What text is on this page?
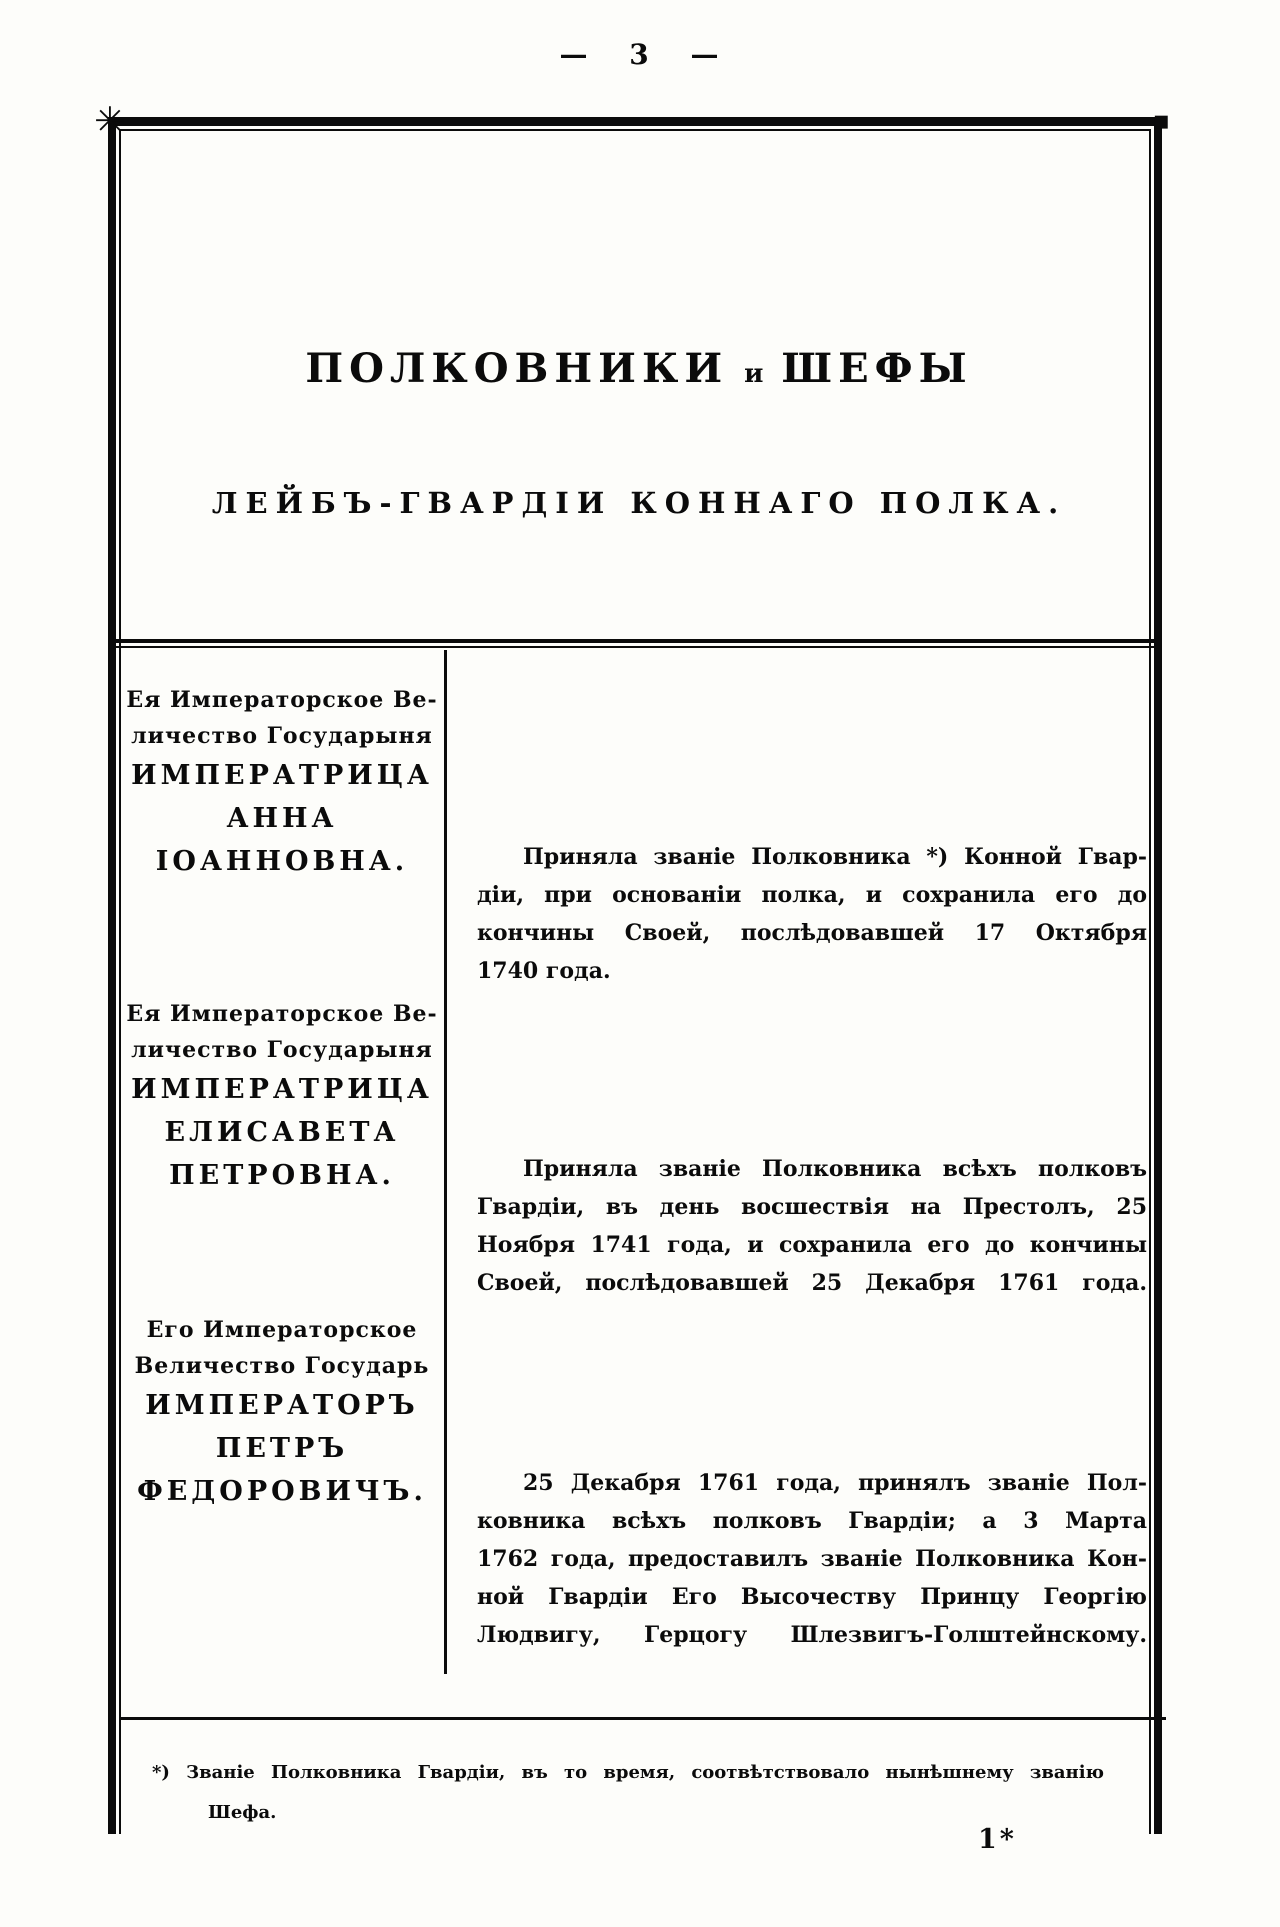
— 3 —
✳	▪
ПОЛКОВНИКИ и ШЕФЫ
ЛЕЙБЪ-ГВАРДІИ КОННАГО ПОЛКА.
Ея Императорское Ве-
личество Государыня
ИМПЕРАТРИЦА
АННА
ІОАННОВНА.	Приняла званіе Полковника *) Конной Гвар-
діи, при основаніи полка, и сохранила его до
кончины Своей, послѣдовавшей 17 Октября
1740 года.
Ея Императорское Ве-
личество Государыня
ИМПЕРАТРИЦА
ЕЛИСАВЕТА
ПЕТРОВНА.	Приняла званіе Полковника всѣхъ полковъ
Гвардіи, въ день восшествія на Престолъ, 25
Ноября 1741 года, и сохранила его до кончины
Своей, послѣдовавшей 25 Декабря 1761 года.
Его Императорское
Величество Государь
ИМПЕРАТОРЪ
ПЕТРЪ
ФЕДОРОВИЧЪ.	25 Декабря 1761 года, принялъ званіе Пол-
ковника всѣхъ полковъ Гвардіи; а 3 Марта
1762 года, предоставилъ званіе Полковника Кон-
ной Гвардіи Его Высочеству Принцу Георгію
Людвигу, Герцогу Шлезвигъ-Голштейнскому.
*) Званіе Полковника Гвардіи, въ то время, соотвѣтствовало нынѣшнему званію
Шефа.
1*
